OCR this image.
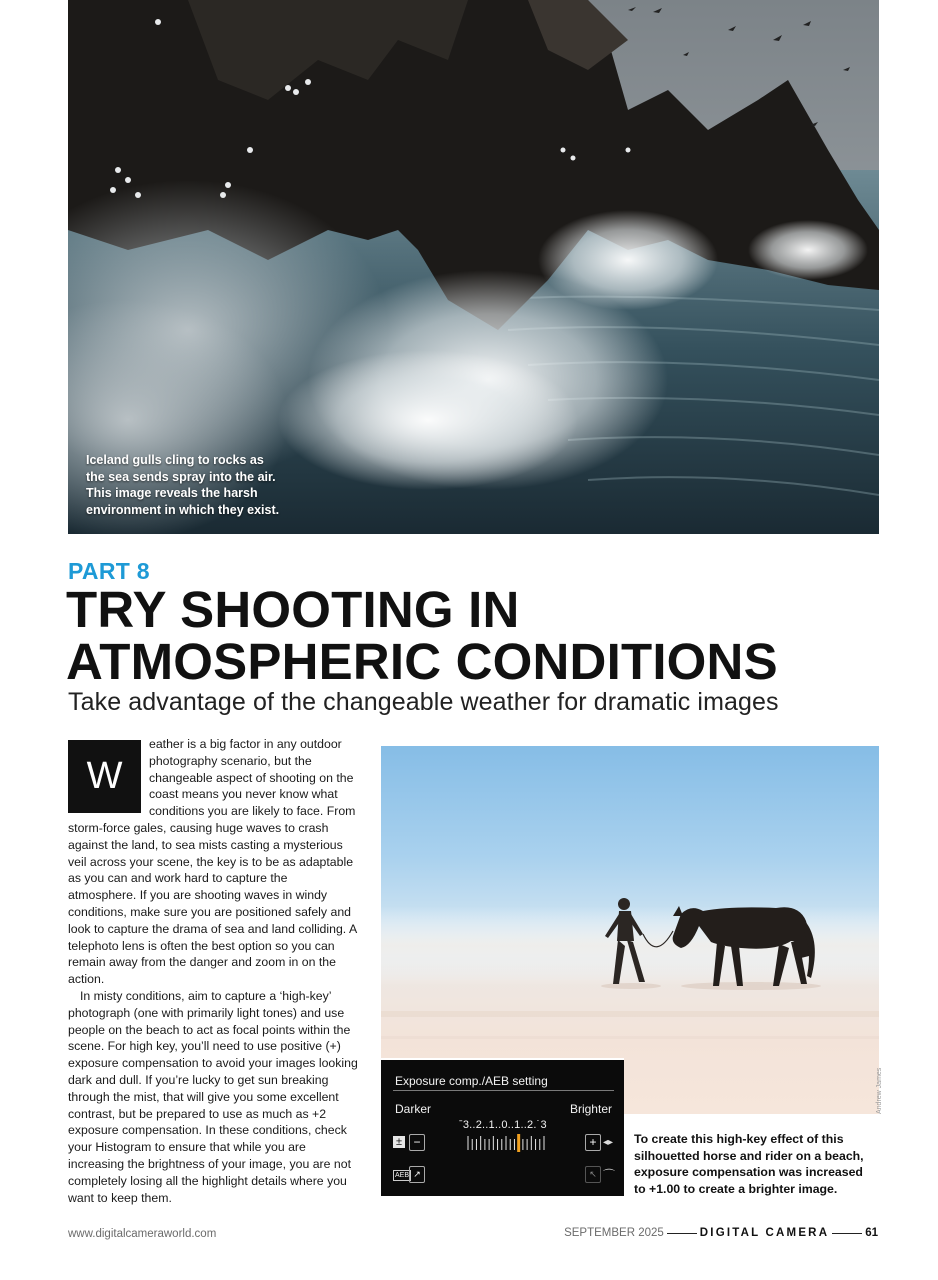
Iceland gulls cling to rocks as the sea sends spray into the air. This image reveals the harsh environment in which they exist.
PART 8
TRY SHOOTING IN ATMOSPHERIC CONDITIONS
Take advantage of the changeable weather for dramatic images
W

eather is a big factor in any outdoor photography scenario, but the changeable aspect of shooting on the coast means you never know what conditions you are likely to face. From storm-force gales, causing huge waves to crash against the land, to sea mists casting a mysterious veil across your scene, the key is to be as adaptable as you can and work hard to capture the atmosphere. If you are shooting waves in windy conditions, make sure you are positioned safely and look to capture the drama of sea and land colliding. A telephoto lens is often the best option so you can remain away from the danger and zoom in on the action.

In misty conditions, aim to capture a ‘high-key’ photograph (one with primarily light tones) and use people on the beach to act as focal points within the scene. For high key, you’ll need to use positive (+) exposure compensation to avoid your images looking dark and dull. If you’re lucky to get sun breaking through the mist, that will give you some excellent contrast, but be prepared to use as much as +2 exposure compensation. In these conditions, check your Histogram to ensure that while you are increasing the brightness of your image, you are not completely losing all the highlight details where you want to keep them.

Andrew James
Exposure comp./AEB setting
Darker	Brighter
ˉ3..2..1..0..1..2.˙3
± −	+ ◂▸
AEB ↗	↖ ⌒
To create this high-key effect of this silhouetted horse and rider on a beach, exposure compensation was increased to +1.00 to create a brighter image.
www.digitalcameraworld.com	SEPTEMBER 2025	DIGITAL CAMERA	61
